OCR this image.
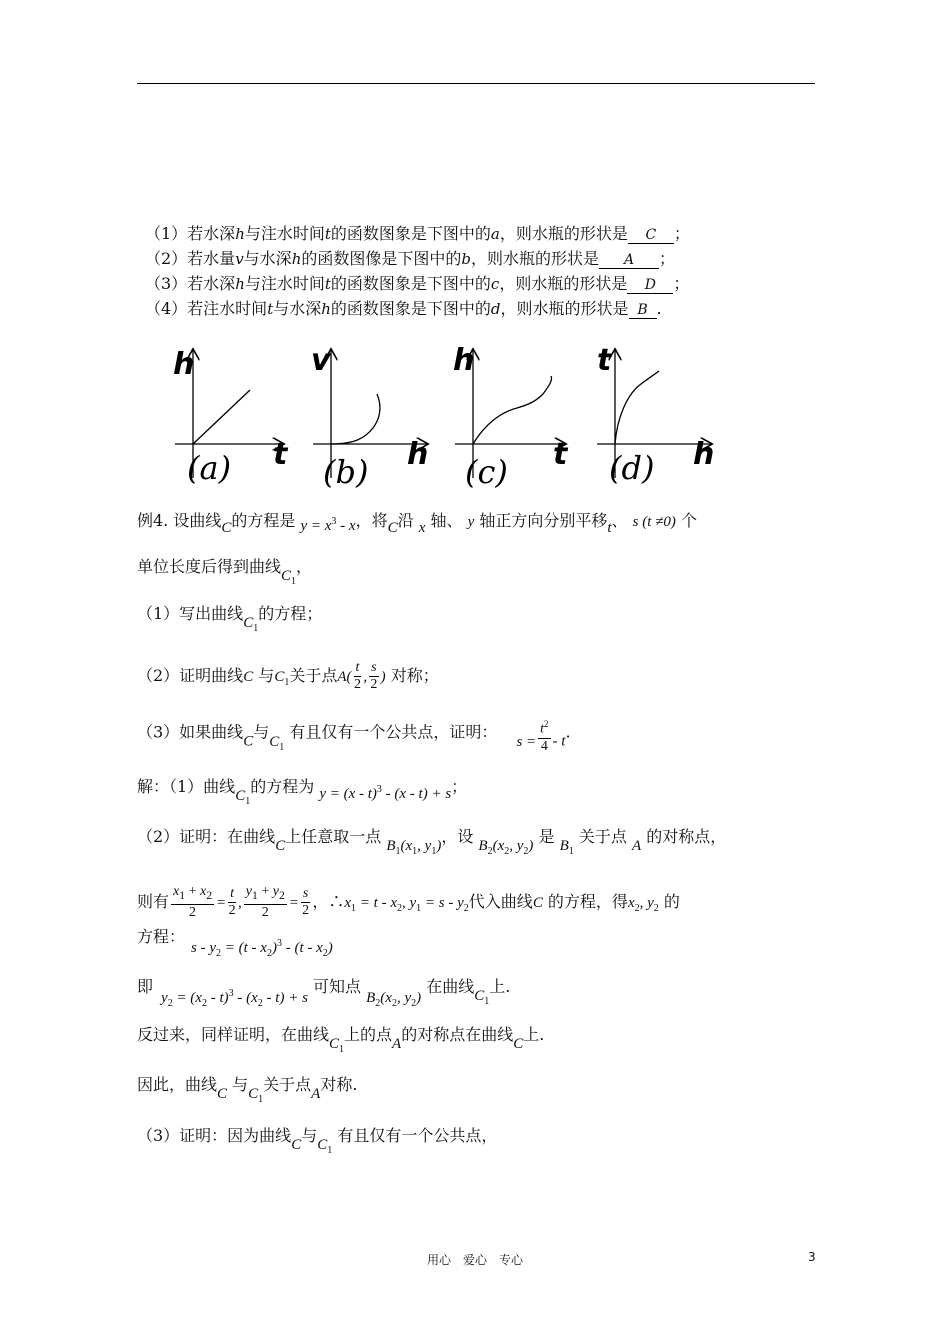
（1）若水深h与注水时间t的函数图象是下图中的a，则水瓶的形状是 C ；
（2）若水量v与水深h的函数图像是下图中的b，则水瓶的形状是 A ；
（3）若水深h与注水时间t的函数图象是下图中的c，则水瓶的形状是 D ；
（4）若注水时间t与水深h的函数图象是下图中的d，则水瓶的形状是 B .
h
t
(a)
v
h
(b)
h
t
(c)
t
h
(d)
例4. 设曲线C的方程是 $y = x^3 - x$，将C沿 x 轴、 y 轴正方向分别平移t、 s (t ≠0) 个
单位长度后得到曲线$C_1$，
（1）写出曲线$C_1$的方程；
（2）证明曲线C 与$C_1$关于点$A( \frac{t}{2}$ , $\frac{s}{2}$ ) 对称；
（3）如果曲线C与$C_1$ 有且仅有一个公共点，证明： $s = \frac{t^2}{4} - t$.
解：（1）曲线$C_1$的方程为 y = (x - t)$^3$ - (x - t) + s；
（2）证明：在曲线C上任意取一点 $B_1(x_1$, $y_1$)，设 $B_2(x_2$, $y_2$) 是 $B_1$ 关于点 A 的对称点，
则有 $\frac{x_1 + x_2}{2} = \frac{t}{2}$ , $\frac{y_1 + y_2}{2} = \frac{s}{2}$ ，$\therefore x_1 = t - x_2$, $y_1 = s - y_2$代入曲线C 的方程，得$x_2$, $y_2$ 的
方程：$s - y_2 = (t - x_2)^3 - (t - x_2)$
即$y_2 = (x_2 - t)^3 - (x_2 - t) + s$ 可知点 $B_2(x_2$, $y_2$) 在曲线$C_1$上.
反过来，同样证明，在曲线$C_1$上的点A的对称点在曲线C上.
因此，曲线C 与$C_1$关于点A对称.
（3）证明：因为曲线C与$C_1$ 有且仅有一个公共点，
用心　爱心　专心	3
